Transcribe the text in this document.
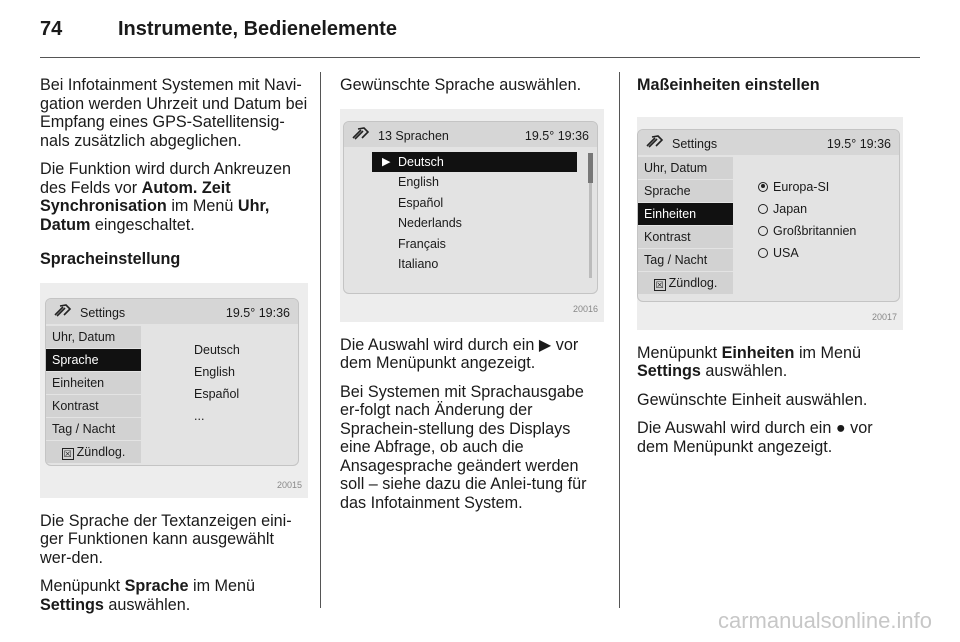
74	Instrumente, Bedienelemente

Bei Infotainment Systemen mit Navi-gation werden Uhrzeit und Datum bei Empfang eines GPS-Satellitensig-nals zusätzlich abgeglichen.

Die Funktion wird durch Ankreuzen des Felds vor Autom. Zeit Synchronisation im Menü Uhr, Datum eingeschaltet.

Spracheinstellung
Settings	19.5° 19:36
Uhr, Datum
Sprache
Einheiten
Kontrast
Tag / Nacht
☒ Zündlog.
Deutsch
English
Español
...
20015

Die Sprache der Textanzeigen eini-ger Funktionen kann ausgewählt wer-den.

Menüpunkt Sprache im Menü Settings auswählen.

Gewünschte Sprache auswählen.

13 Sprachen	19.5° 19:36
▶ Deutsch
English
Español
Nederlands
Français
Italiano
20016

Die Auswahl wird durch ein ▶ vor dem Menüpunkt angezeigt.

Bei Systemen mit Sprachausgabe er-folgt nach Änderung der Sprachein-stellung des Displays eine Abfrage, ob auch die Ansagesprache geändert werden soll – siehe dazu die Anlei-tung für das Infotainment System.

Maßeinheiten einstellen
Settings	19.5° 19:36
Uhr, Datum
Sprache
Einheiten
Kontrast
Tag / Nacht
☒ Zündlog.
Europa-SI
Japan
Großbritannien
USA
20017

Menüpunkt Einheiten im Menü Settings auswählen.

Gewünschte Einheit auswählen.

Die Auswahl wird durch ein ● vor dem Menüpunkt angezeigt.

carmanualsonline.info
